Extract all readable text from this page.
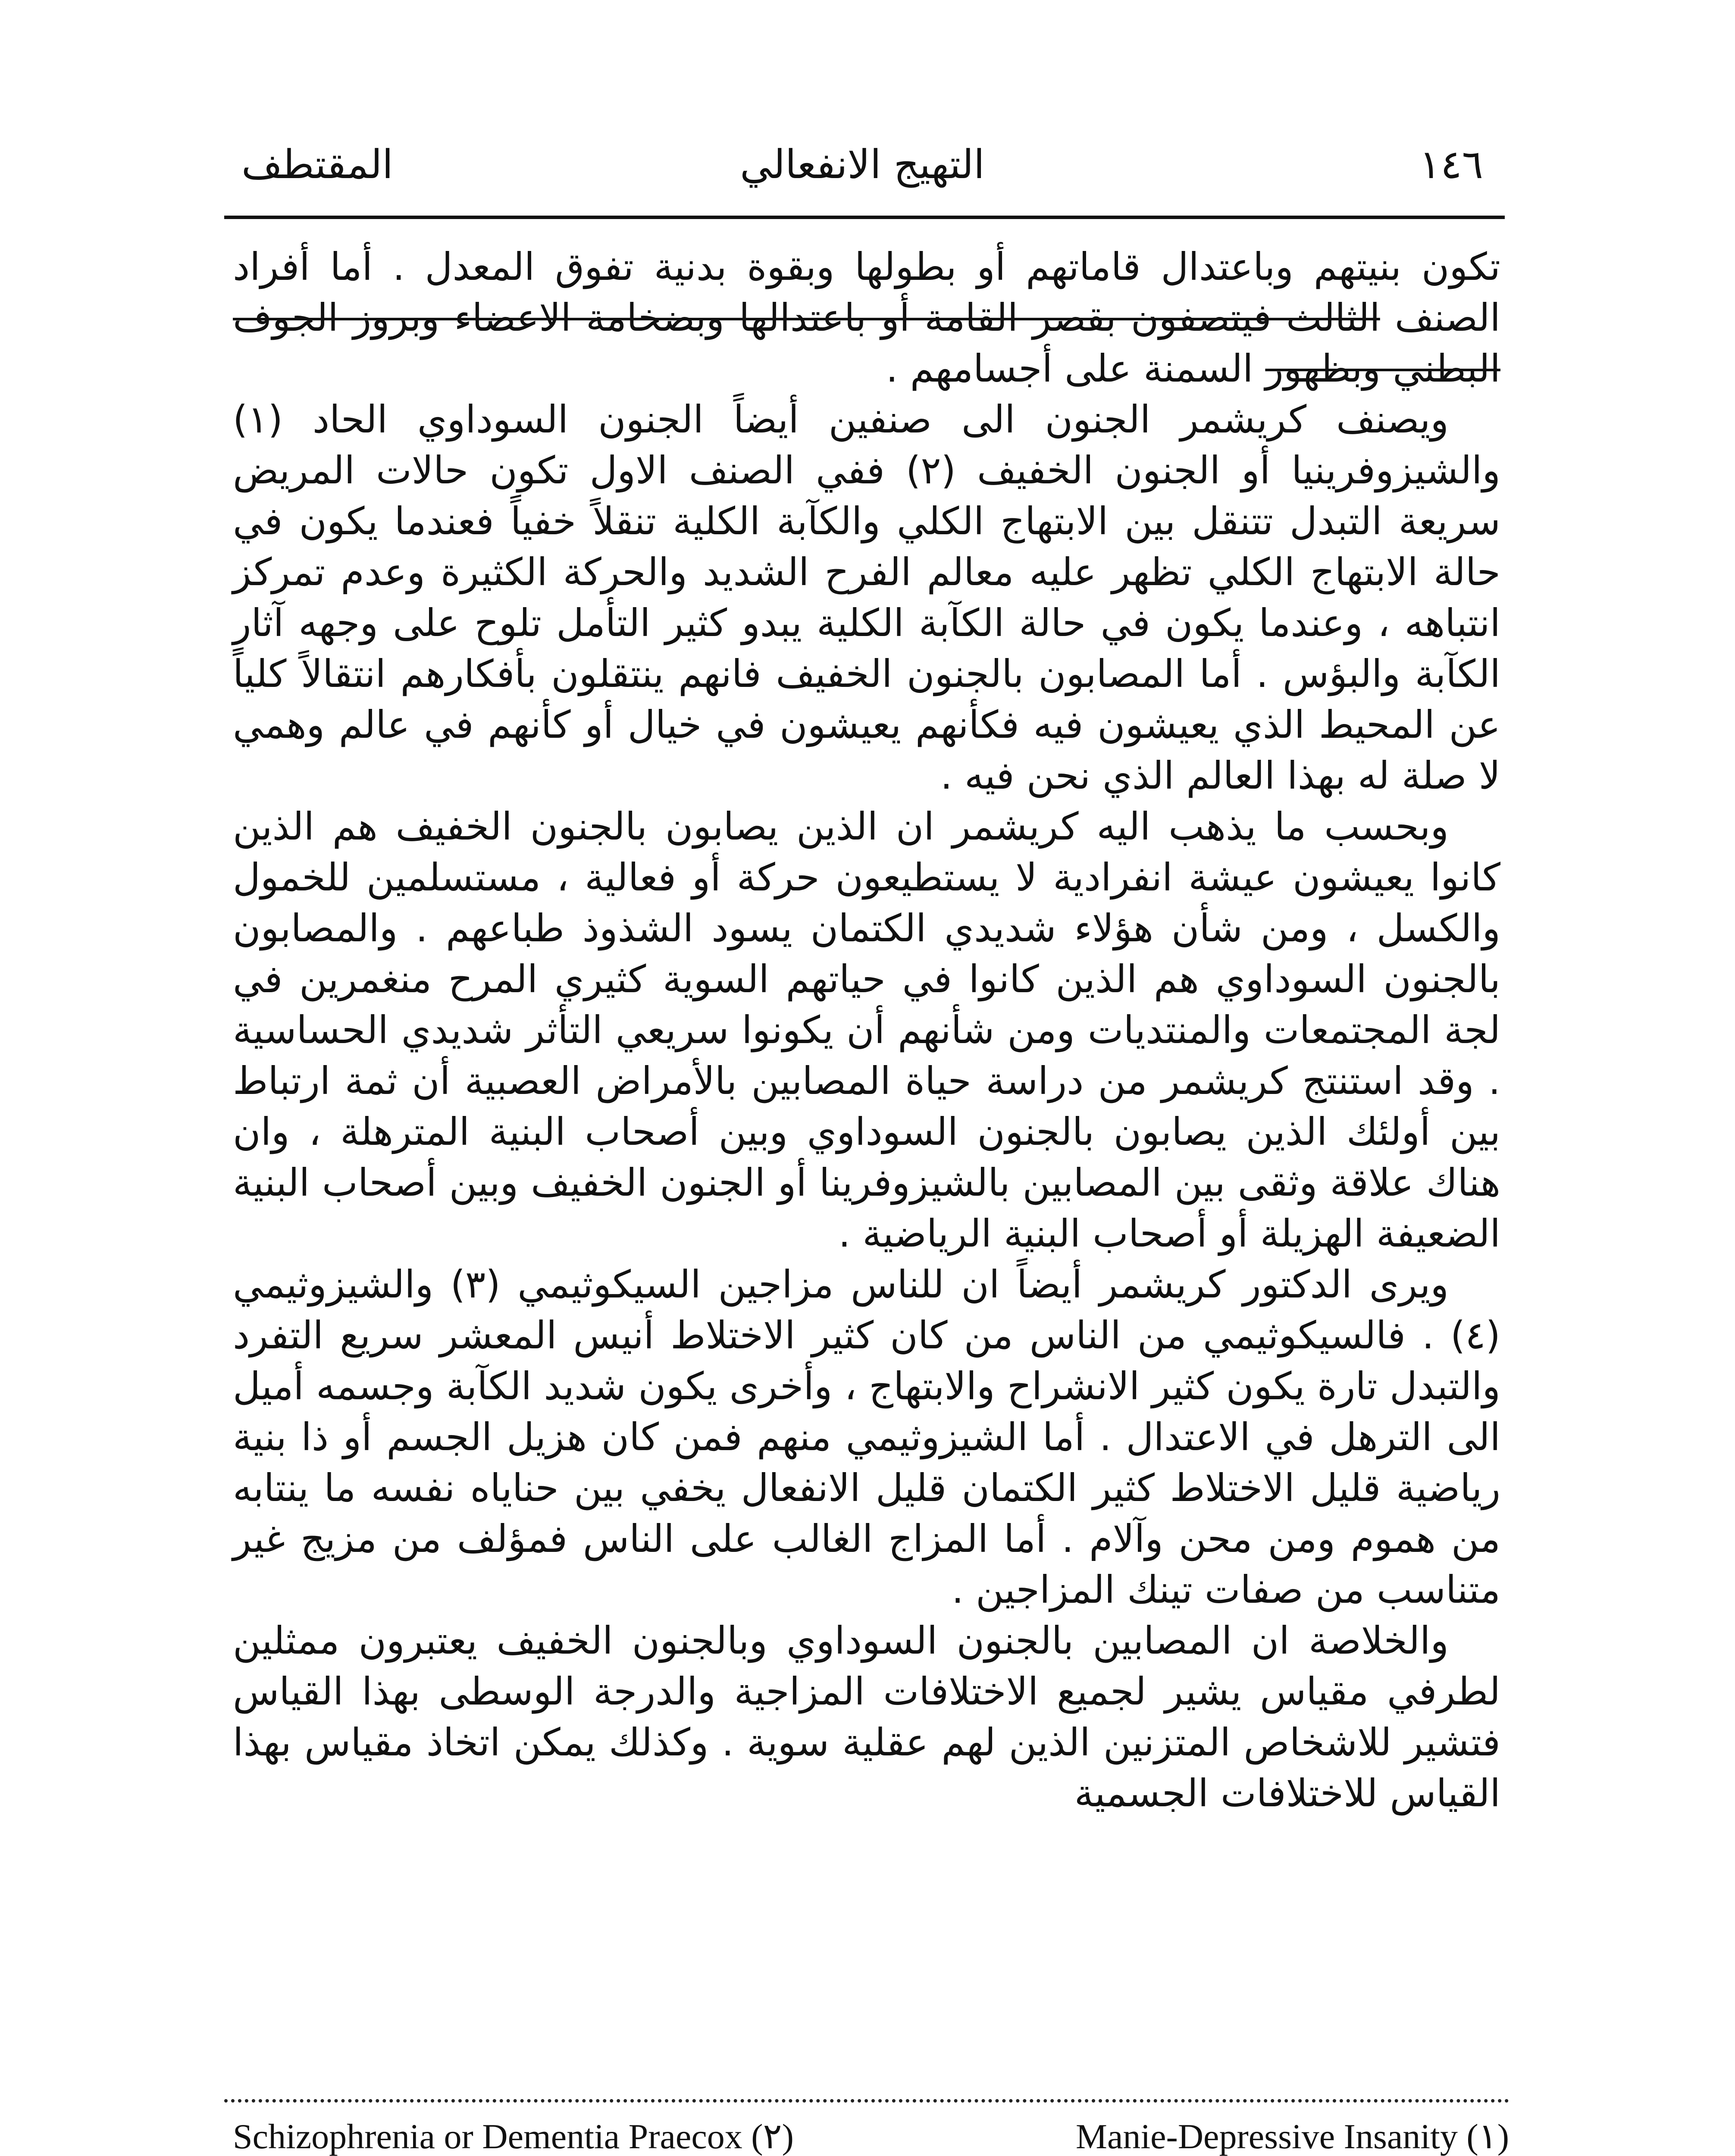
المقتطف	التهيج الانفعالي	١٤٦

تكون بنيتهم وباعتدال قاماتهم أو بطولها وبقوة بدنية تفوق المعدل . أما أفراد الصنف الثالث فيتصفون بقصر القامة أو باعتدالها وبضخامة الاعضاء وبروز الجوف البطني وبظهور السمنة على أجسامهم .

ويصنف كريشمر الجنون الى صنفين أيضاً الجنون السوداوي الحاد (١) والشيزوفرينيا أو الجنون الخفيف (٢) ففي الصنف الاول تكون حالات المريض سريعة التبدل تتنقل بين الابتهاج الكلي والكآبة الكلية تنقلاً خفياً فعندما يكون في حالة الابتهاج الكلي تظهر عليه معالم الفرح الشديد والحركة الكثيرة وعدم تمركز انتباهه ، وعندما يكون في حالة الكآبة الكلية يبدو كثير التأمل تلوح على وجهه آثار الكآبة والبؤس . أما المصابون بالجنون الخفيف فانهم ينتقلون بأفكارهم انتقالاً كلياً عن المحيط الذي يعيشون فيه فكأنهم يعيشون في خيال أو كأنهم في عالم وهمي لا صلة له بهذا العالم الذي نحن فيه .

وبحسب ما يذهب اليه كريشمر ان الذين يصابون بالجنون الخفيف هم الذين كانوا يعيشون عيشة انفرادية لا يستطيعون حركة أو فعالية ، مستسلمين للخمول والكسل ، ومن شأن هؤلاء شديدي الكتمان يسود الشذوذ طباعهم . والمصابون بالجنون السوداوي هم الذين كانوا في حياتهم السوية كثيري المرح منغمرين في لجة المجتمعات والمنتديات ومن شأنهم أن يكونوا سريعي التأثر شديدي الحساسية . وقد استنتج كريشمر من دراسة حياة المصابين بالأمراض العصبية أن ثمة ارتباط بين أولئك الذين يصابون بالجنون السوداوي وبين أصحاب البنية المترهلة ، وان هناك علاقة وثقى بين المصابين بالشيزوفرينا أو الجنون الخفيف وبين أصحاب البنية الضعيفة الهزيلة أو أصحاب البنية الرياضية .

ويرى الدكتور كريشمر أيضاً ان للناس مزاجين السيكوثيمي (٣) والشيزوثيمي (٤) . فالسيكوثيمي من الناس من كان كثير الاختلاط أنيس المعشر سريع التفرد والتبدل تارة يكون كثير الانشراح والابتهاج ، وأخرى يكون شديد الكآبة وجسمه أميل الى الترهل في الاعتدال . أما الشيزوثيمي منهم فمن كان هزيل الجسم أو ذا بنية رياضية قليل الاختلاط كثير الكتمان قليل الانفعال يخفي بين حناياه نفسه ما ينتابه من هموم ومن محن وآلام . أما المزاج الغالب على الناس فمؤلف من مزيج غير متناسب من صفات تينك المزاجين .

والخلاصة ان المصابين بالجنون السوداوي وبالجنون الخفيف يعتبرون ممثلين لطرفي مقياس يشير لجميع الاختلافات المزاجية والدرجة الوسطى بهذا القياس فتشير للاشخاص المتزنين الذين لهم عقلية سوية . وكذلك يمكن اتخاذ مقياس بهذا القياس للاختلافات الجسمية

Schizophrenia or Dementia Praecox (٢)	Manie-Depressive Insanity (١)
